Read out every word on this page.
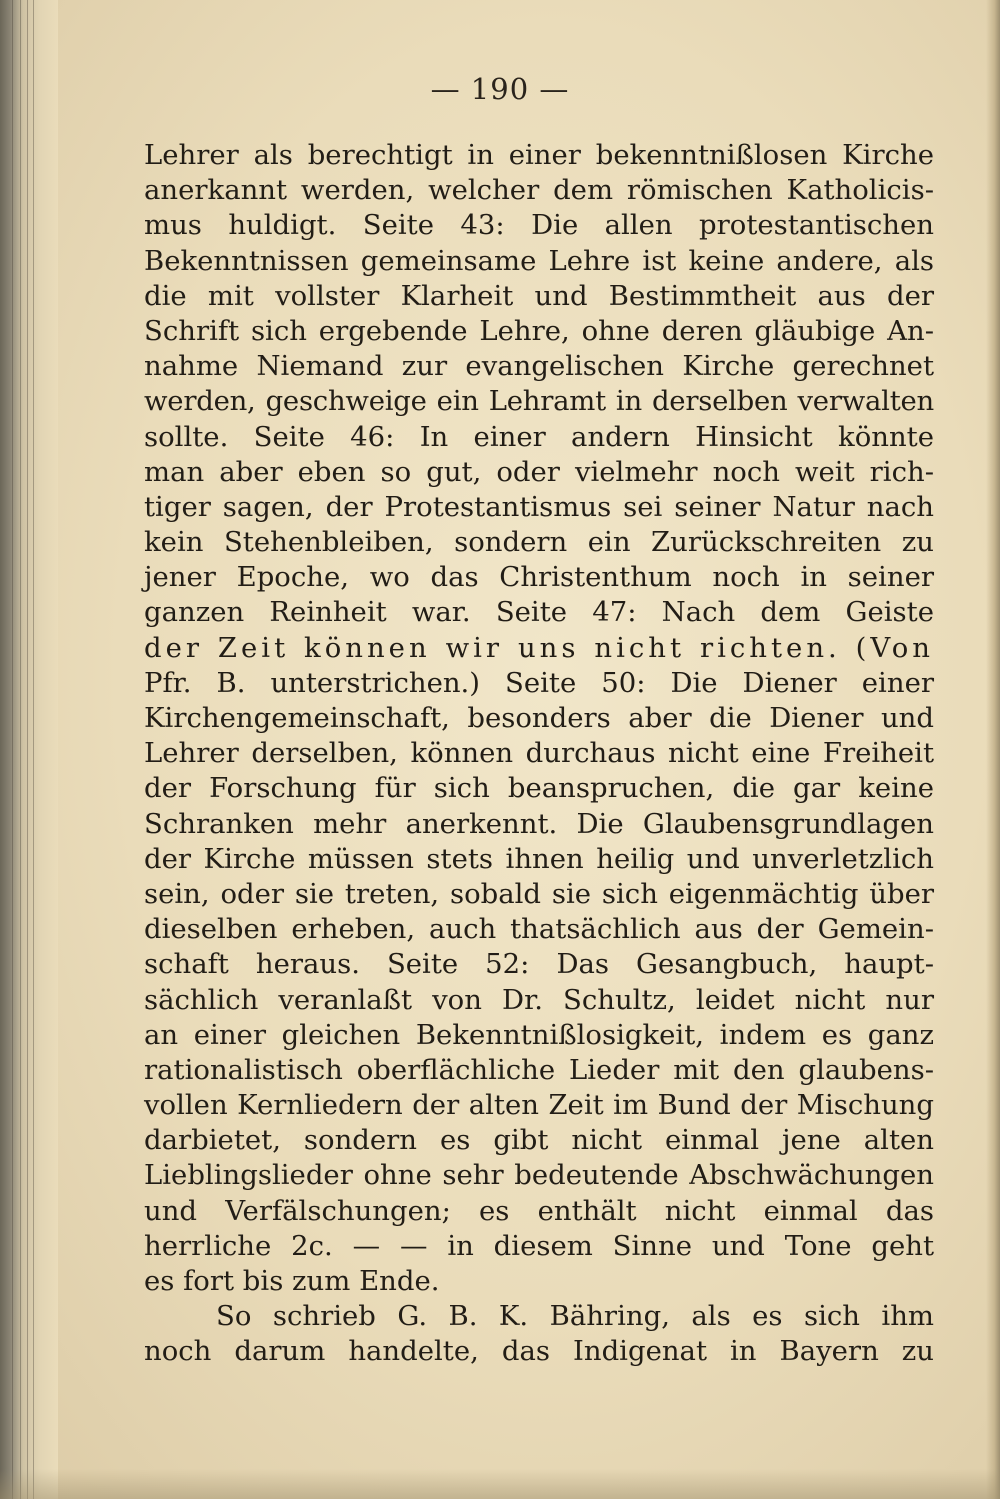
— 190 —
Lehrer als berechtigt in einer bekenntnißlosen Kirche
anerkannt werden, welcher dem römischen Katholicis-
mus huldigt. Seite 43: Die allen protestantischen
Bekenntnissen gemeinsame Lehre ist keine andere, als
die mit vollster Klarheit und Bestimmtheit aus der
Schrift sich ergebende Lehre, ohne deren gläubige An-
nahme Niemand zur evangelischen Kirche gerechnet
werden, geschweige ein Lehramt in derselben verwalten
sollte. Seite 46: In einer andern Hinsicht könnte
man aber eben so gut, oder vielmehr noch weit rich-
tiger sagen, der Protestantismus sei seiner Natur nach
kein Stehenbleiben, sondern ein Zurückschreiten zu
jener Epoche, wo das Christenthum noch in seiner
ganzen Reinheit war. Seite 47: Nach dem Geiste
der Zeit können wir uns nicht richten. (Von
Pfr. B. unterstrichen.) Seite 50: Die Diener einer
Kirchengemeinschaft, besonders aber die Diener und
Lehrer derselben, können durchaus nicht eine Freiheit
der Forschung für sich beanspruchen, die gar keine
Schranken mehr anerkennt. Die Glaubensgrundlagen
der Kirche müssen stets ihnen heilig und unverletzlich
sein, oder sie treten, sobald sie sich eigenmächtig über
dieselben erheben, auch thatsächlich aus der Gemein-
schaft heraus. Seite 52: Das Gesangbuch, haupt-
sächlich veranlaßt von Dr. Schultz, leidet nicht nur
an einer gleichen Bekenntnißlosigkeit, indem es ganz
rationalistisch oberflächliche Lieder mit den glaubens-
vollen Kernliedern der alten Zeit im Bund der Mischung
darbietet, sondern es gibt nicht einmal jene alten
Lieblingslieder ohne sehr bedeutende Abschwächungen
und Verfälschungen; es enthält nicht einmal das
herrliche 2c. — — in diesem Sinne und Tone geht
es fort bis zum Ende.
So schrieb G. B. K. Bähring, als es sich ihm
noch darum handelte, das Indigenat in Bayern zu
